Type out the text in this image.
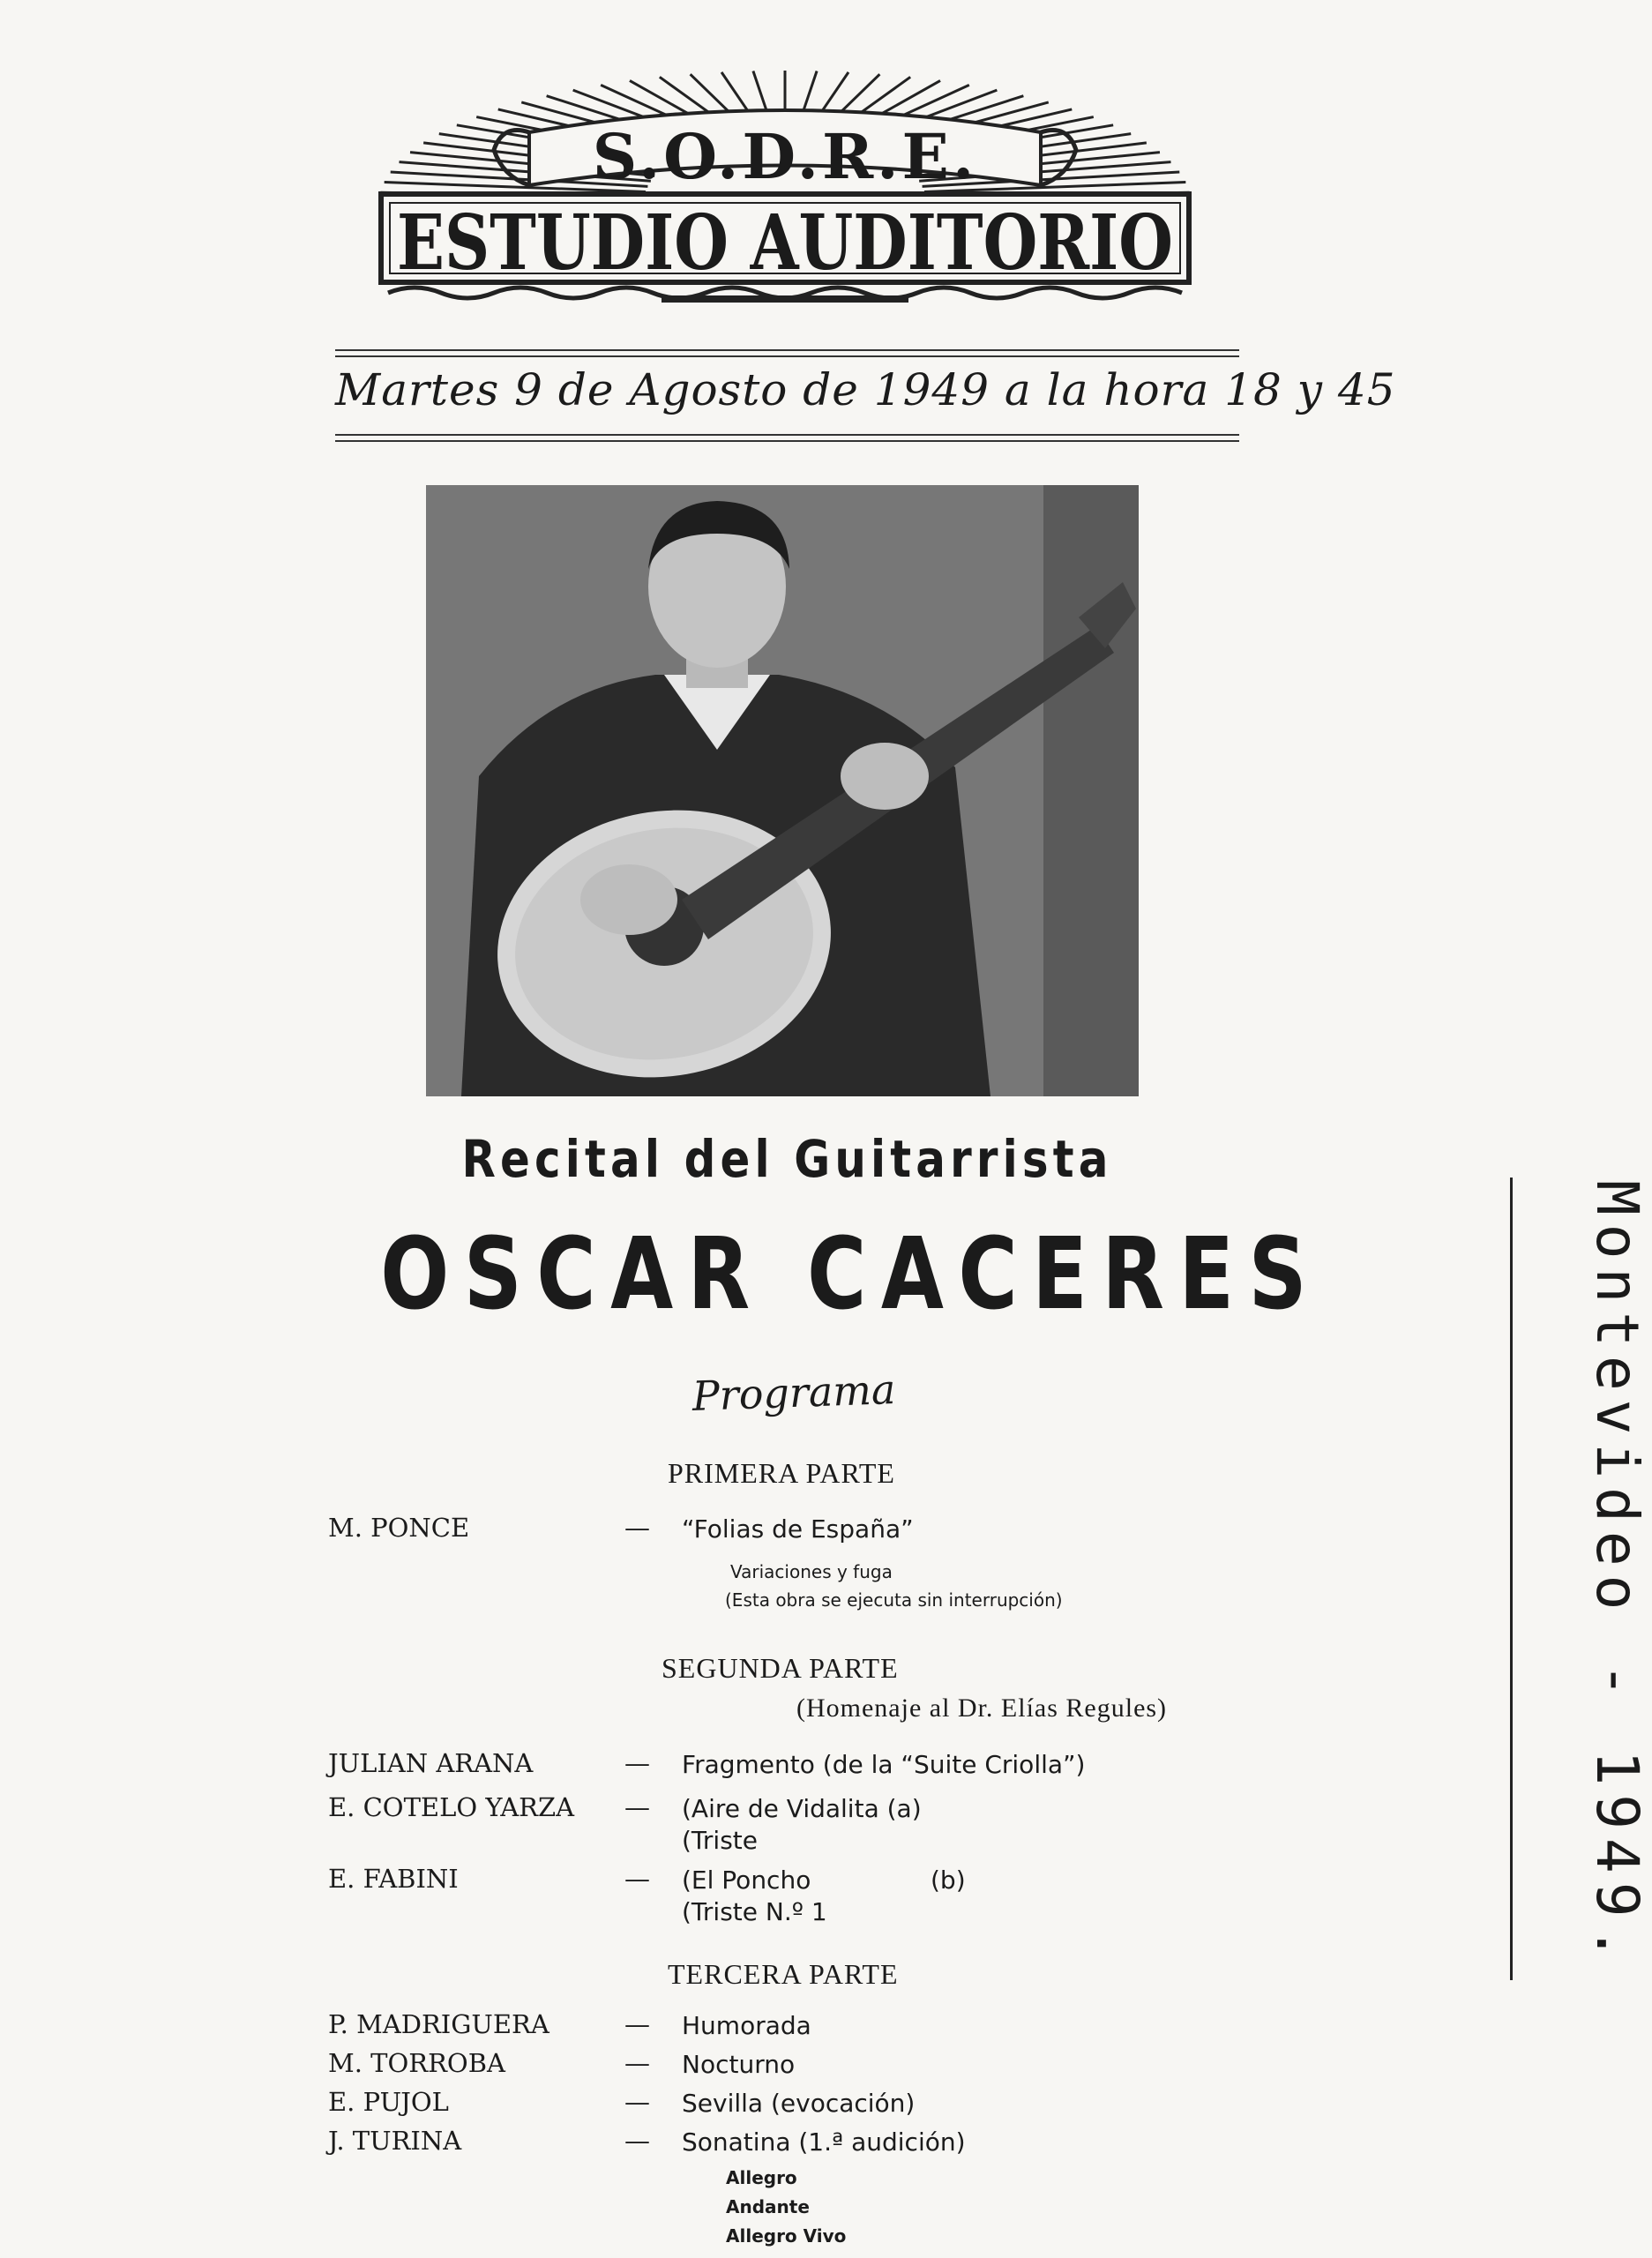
S.O.D.R.E.
ESTUDIO AUDITORIO
Martes 9 de Agosto de 1949 a la hora 18 y 45
Recital del Guitarrista
OSCAR CACERES
Programa
PRIMERA PARTE
M. PONCE	— “Folias de España”
Variaciones y fuga
(Esta obra se ejecuta sin interrupción)
SEGUNDA PARTE
(Homenaje al Dr. Elías Regules)
JULIAN ARANA	— Fragmento (de la “Suite Criolla”)
E. COTELO YARZA — (Aire de Vidalita (a)
(Triste
E. FABINI	— (El Poncho	(b)
(Triste N.º 1
TERCERA PARTE
P. MADRIGUERA	— Humorada
M. TORROBA	— Nocturno
E. PUJOL	— Sevilla (evocación)
J. TURINA	— Sonatina (1.ª audición)
Allegro
Andante
Allegro Vivo
Montevideo - 1949.
